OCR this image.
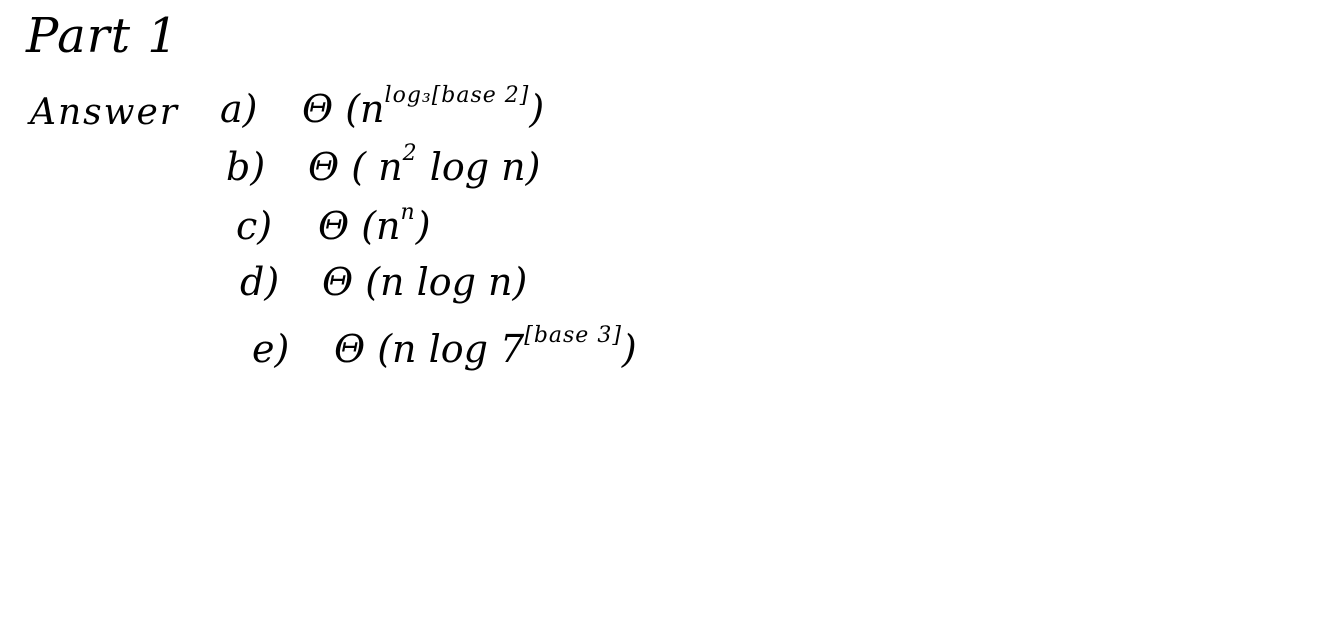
Part 1
Answer a) Θ $(n^{log_3[base 2]})$
b) Θ ( $n^2$ log n)
c) Θ $(n^n)$
d) Θ (n log n)
e) Θ (n log 7[base 3])
